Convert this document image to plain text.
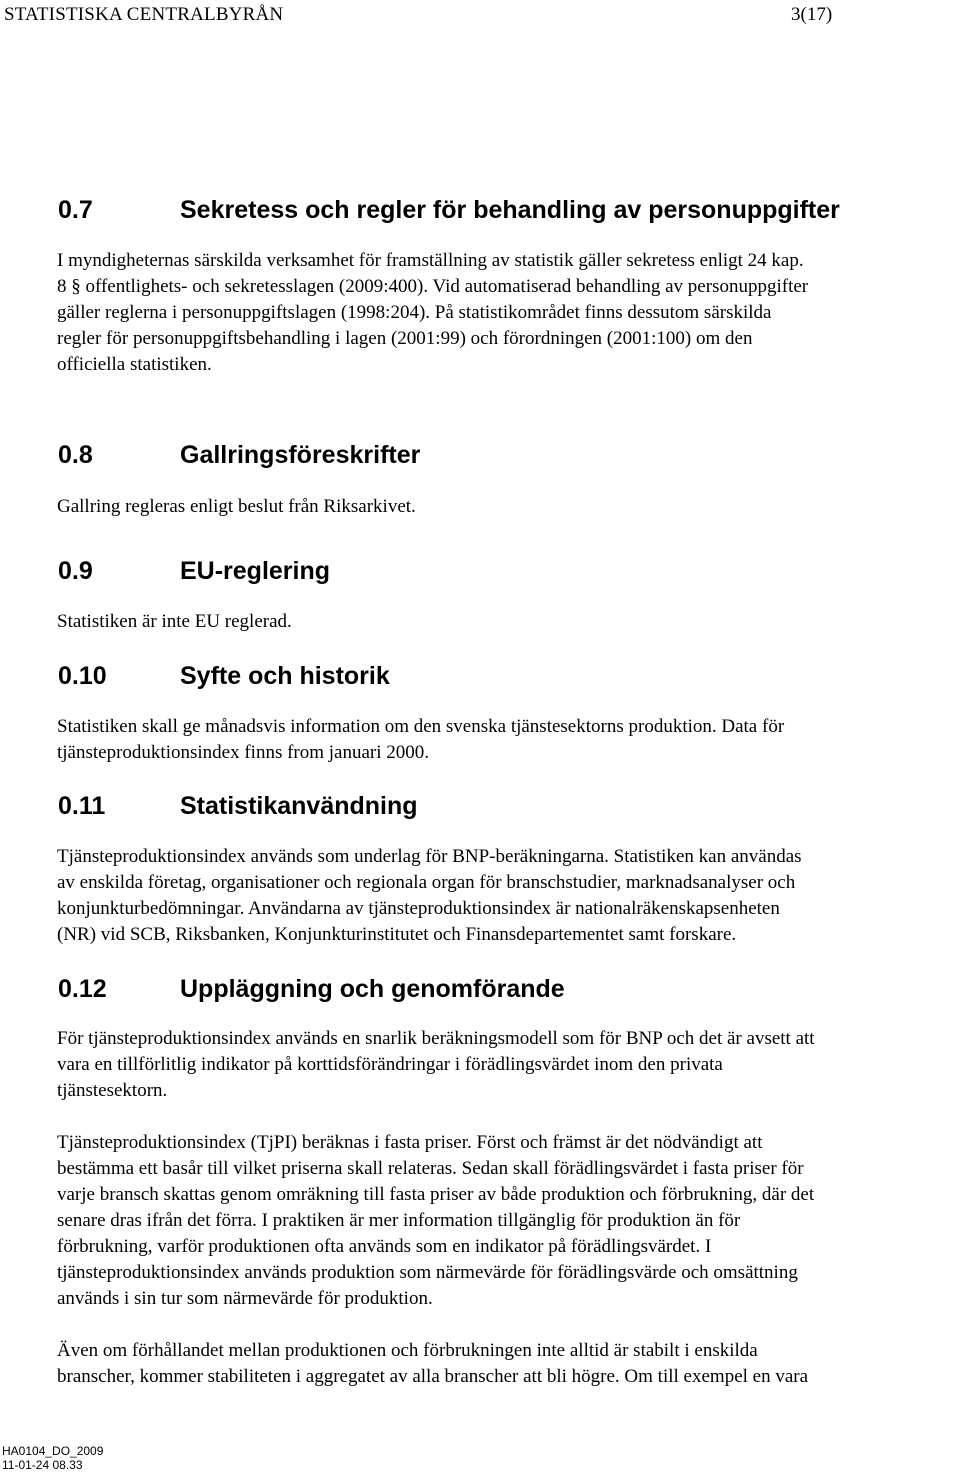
STATISTISKA CENTRALBYRÅN	3(17)
0.7	Sekretess och regler för behandling av personuppgifter
I myndigheternas särskilda verksamhet för framställning av statistik gäller sekretess enligt 24 kap.
8 § offentlighets- och sekretesslagen (2009:400). Vid automatiserad behandling av personuppgifter
gäller reglerna i personuppgiftslagen (1998:204). På statistikområdet finns dessutom särskilda
regler för personuppgiftsbehandling i lagen (2001:99) och förordningen (2001:100) om den
officiella statistiken.
0.8	Gallringsföreskrifter
Gallring regleras enligt beslut från Riksarkivet.
0.9	EU-reglering
Statistiken är inte EU reglerad.
0.10	Syfte och historik
Statistiken skall ge månadsvis information om den svenska tjänstesektorns produktion. Data för
tjänsteproduktionsindex finns from januari 2000.
0.11	Statistikanvändning
Tjänsteproduktionsindex används som underlag för BNP-beräkningarna. Statistiken kan användas
av enskilda företag, organisationer och regionala organ för branschstudier, marknadsanalyser och
konjunkturbedömningar. Användarna av tjänsteproduktionsindex är nationalräkenskapsenheten
(NR) vid SCB, Riksbanken, Konjunkturinstitutet och Finansdepartementet samt forskare.
0.12	Uppläggning och genomförande
För tjänsteproduktionsindex används en snarlik beräkningsmodell som för BNP och det är avsett att
vara en tillförlitlig indikator på korttidsförändringar i förädlingsvärdet inom den privata
tjänstesektorn.
Tjänsteproduktionsindex (TjPI) beräknas i fasta priser. Först och främst är det nödvändigt att
bestämma ett basår till vilket priserna skall relateras. Sedan skall förädlingsvärdet i fasta priser för
varje bransch skattas genom omräkning till fasta priser av både produktion och förbrukning, där det
senare dras ifrån det förra. I praktiken är mer information tillgänglig för produktion än för
förbrukning, varför produktionen ofta används som en indikator på förädlingsvärdet. I
tjänsteproduktionsindex används produktion som närmevärde för förädlingsvärde och omsättning
används i sin tur som närmevärde för produktion.
Även om förhållandet mellan produktionen och förbrukningen inte alltid är stabilt i enskilda
branscher, kommer stabiliteten i aggregatet av alla branscher att bli högre. Om till exempel en vara
HA0104_DO_2009
11-01-24 08.33
